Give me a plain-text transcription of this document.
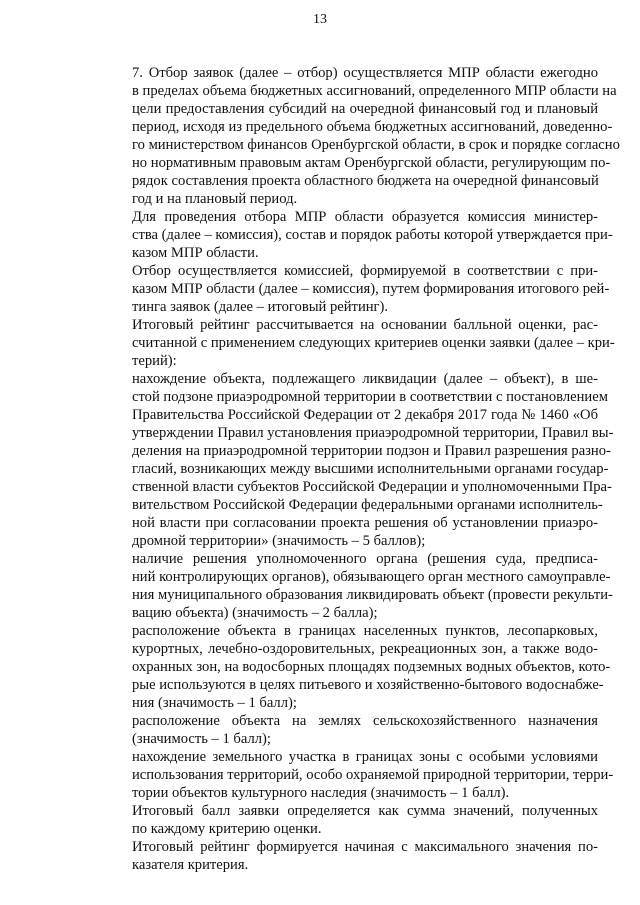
13

7. Отбор заявок (далее – отбор) осуществляется МПР области ежегодно
в пределах объема бюджетных ассигнований, определенного МПР области на
цели предоставления субсидий на очередной финансовый год и плановый
период, исходя из предельного объема бюджетных ассигнований, доведенно-
го министерством финансов Оренбургской области, в срок и порядке согласно
но нормативным правовым актам Оренбургской области, регулирующим по-
рядок составления проекта областного бюджета на очередной финансовый
год и на плановый период.

Для проведения отбора МПР области образуется комиссия министер-
ства (далее – комиссия), состав и порядок работы которой утверждается при-
казом МПР области.

Отбор осуществляется комиссией, формируемой в соответствии с при-
казом МПР области (далее – комиссия), путем формирования итогового рей-
тинга заявок (далее – итоговый рейтинг).

Итоговый рейтинг рассчитывается на основании балльной оценки, рас-
считанной с применением следующих критериев оценки заявки (далее – кри-
терий):

нахождение объекта, подлежащего ликвидации (далее – объект), в ше-
стой подзоне приаэродромной территории в соответствии с постановлением
Правительства Российской Федерации от 2 декабря 2017 года № 1460 «Об
утверждении Правил установления приаэродромной территории, Правил вы-
деления на приаэродромной территории подзон и Правил разрешения разно-
гласий, возникающих между высшими исполнительными органами государ-
ственной власти субъектов Российской Федерации и уполномоченными Пра-
вительством Российской Федерации федеральными органами исполнитель-
ной власти при согласовании проекта решения об установлении приаэро-
дромной территории» (значимость – 5 баллов);

наличие решения уполномоченного органа (решения суда, предписа-
ний контролирующих органов), обязывающего орган местного самоуправле-
ния муниципального образования ликвидировать объект (провести рекульти-
вацию объекта) (значимость – 2 балла);

расположение объекта в границах населенных пунктов, лесопарковых,
курортных, лечебно-оздоровительных, рекреационных зон, а также водо-
охранных зон, на водосборных площадях подземных водных объектов, кото-
рые используются в целях питьевого и хозяйственно-бытового водоснабже-
ния (значимость – 1 балл);

расположение объекта на землях сельскохозяйственного назначения
(значимость – 1 балл);

нахождение земельного участка в границах зоны с особыми условиями
использования территорий, особо охраняемой природной территории, терри-
тории объектов культурного наследия (значимость – 1 балл).

Итоговый балл заявки определяется как сумма значений, полученных
по каждому критерию оценки.

Итоговый рейтинг формируется начиная с максимального значения по-
казателя критерия.
